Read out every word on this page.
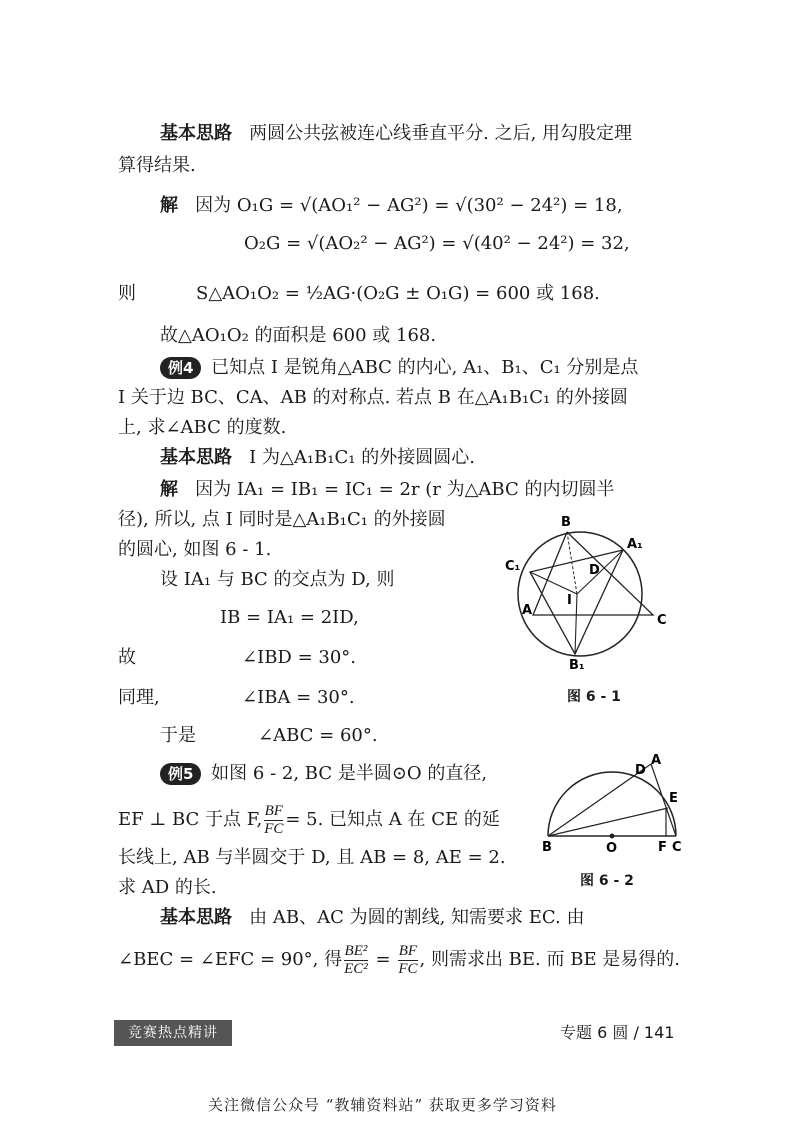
基本思路 两圆公共弦被连心线垂直平分. 之后, 用勾股定理
算得结果.
解 因为 O₁G = √(AO₁² − AG²) = √(30² − 24²) = 18,
O₂G = √(AO₂² − AG²) = √(40² − 24²) = 32,
则	S△AO₁O₂ = ½AG·(O₂G ± O₁G) = 600 或 168.
故△AO₁O₂ 的面积是 600 或 168.
例4 已知点 I 是锐角△ABC 的内心, A₁、B₁、C₁ 分别是点
I 关于边 BC、CA、AB 的对称点. 若点 B 在△A₁B₁C₁ 的外接圆
上, 求∠ABC 的度数.
基本思路 I 为△A₁B₁C₁ 的外接圆圆心.
解 因为 IA₁ = IB₁ = IC₁ = 2r (r 为△ABC 的内切圆半
径), 所以, 点 I 同时是△A₁B₁C₁ 的外接圆
的圆心, 如图 6 - 1.
设 IA₁ 与 BC 的交点为 D, 则
IB = IA₁ = 2ID,
故	∠IBD = 30°.
同理,	∠IBA = 30°.
于是	∠ABC = 60°.
B
A₁
C₁	D
I
A
C
B₁
图 6 - 1
例5 如图 6 - 2, BC 是半圆⊙O 的直径,
EF ⊥ BC 于点 F, $\frac{BF}{FC} = 5$. 已知点 A 在 CE 的延
长线上, AB 与半圆交于 D, 且 AB = 8, AE = 2.
求 AD 的长.
D
A
E
B	O	F C
图 6 - 2
基本思路 由 AB、AC 为圆的割线, 知需要求 EC. 由
∠BEC = ∠EFC = 90°, 得 $\frac{\text{BE²}}{\text{EC²}} = \frac{BF}{FC}$ , 则需求出 BE. 而 BE 是易得的.
竞赛热点精讲	专题 6 圆 / 141
关注微信公众号 “教辅资料站” 获取更多学习资料
